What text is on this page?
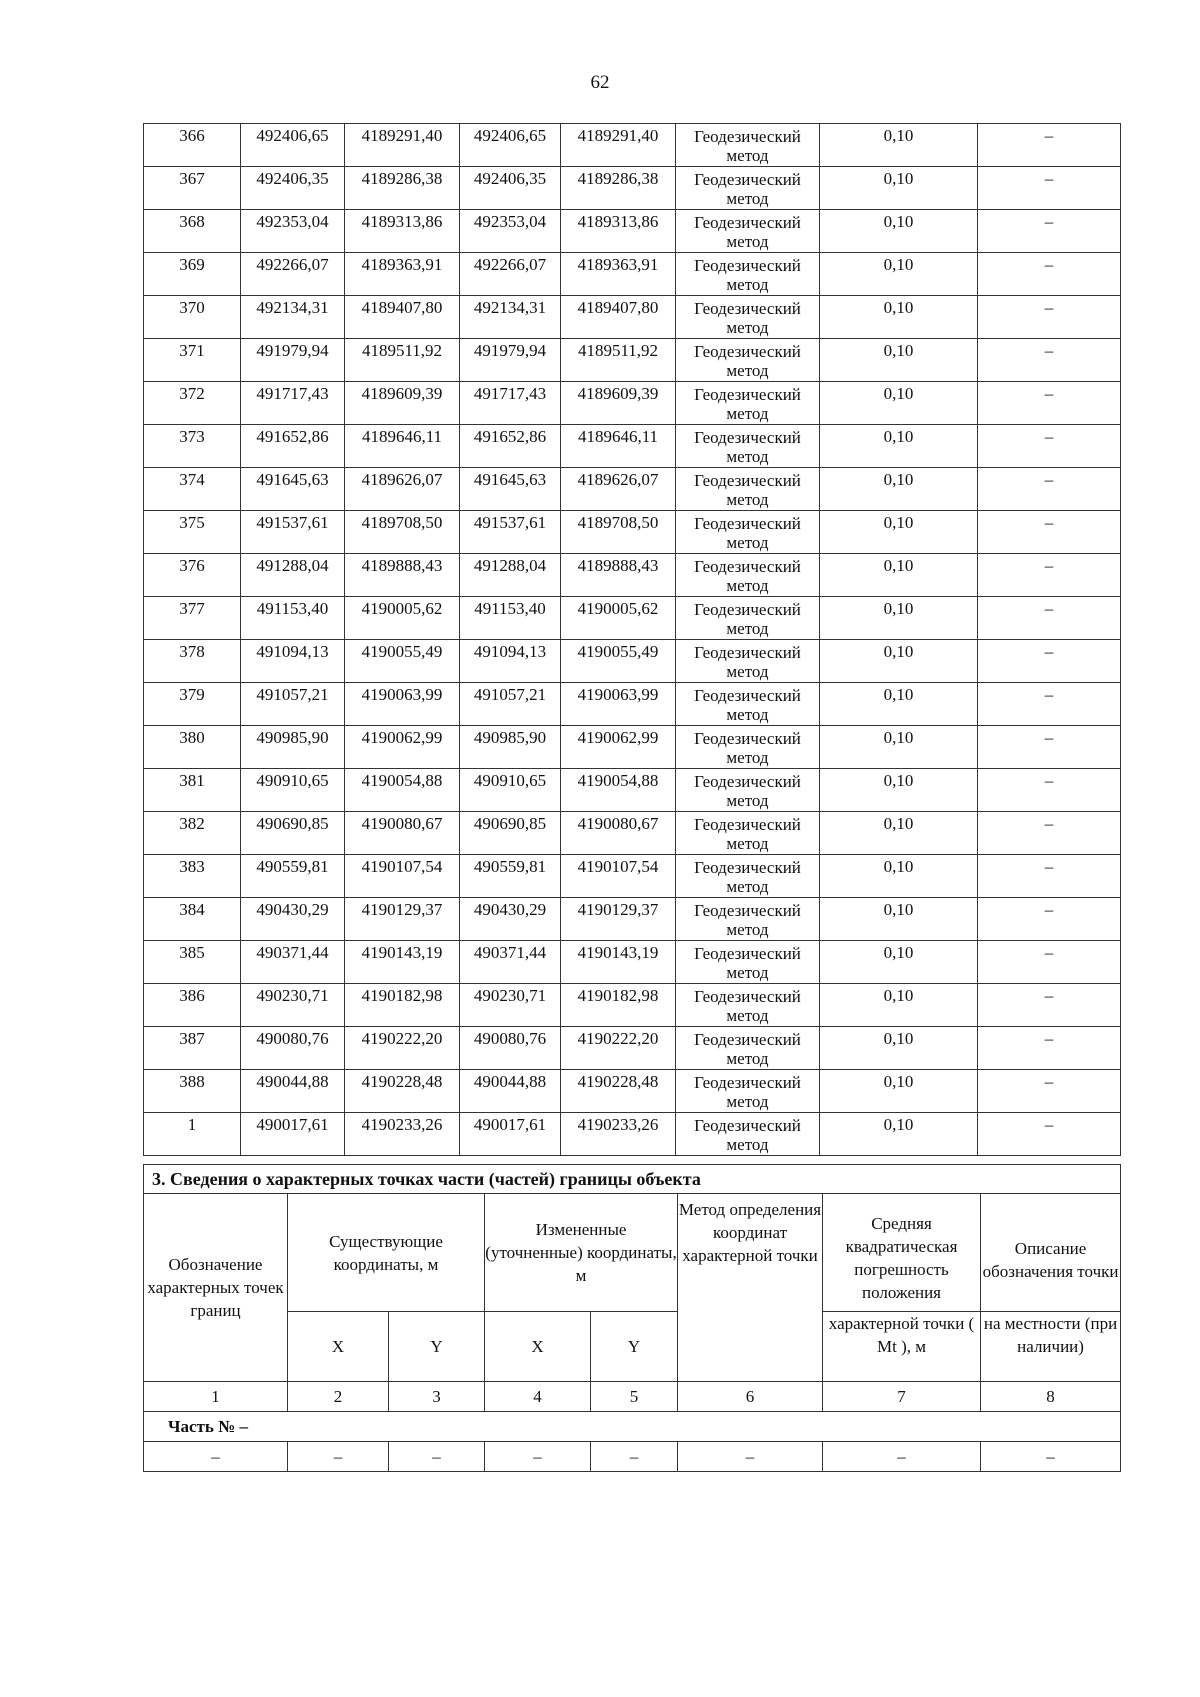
62
366	492406,65	4189291,40	492406,65	4189291,40	Геодезический метод	0,10	–
367	492406,35	4189286,38	492406,35	4189286,38	Геодезический метод	0,10	–
368	492353,04	4189313,86	492353,04	4189313,86	Геодезический метод	0,10	–
369	492266,07	4189363,91	492266,07	4189363,91	Геодезический метод	0,10	–
370	492134,31	4189407,80	492134,31	4189407,80	Геодезический метод	0,10	–
371	491979,94	4189511,92	491979,94	4189511,92	Геодезический метод	0,10	–
372	491717,43	4189609,39	491717,43	4189609,39	Геодезический метод	0,10	–
373	491652,86	4189646,11	491652,86	4189646,11	Геодезический метод	0,10	–
374	491645,63	4189626,07	491645,63	4189626,07	Геодезический метод	0,10	–
375	491537,61	4189708,50	491537,61	4189708,50	Геодезический метод	0,10	–
376	491288,04	4189888,43	491288,04	4189888,43	Геодезический метод	0,10	–
377	491153,40	4190005,62	491153,40	4190005,62	Геодезический метод	0,10	–
378	491094,13	4190055,49	491094,13	4190055,49	Геодезический метод	0,10	–
379	491057,21	4190063,99	491057,21	4190063,99	Геодезический метод	0,10	–
380	490985,90	4190062,99	490985,90	4190062,99	Геодезический метод	0,10	–
381	490910,65	4190054,88	490910,65	4190054,88	Геодезический метод	0,10	–
382	490690,85	4190080,67	490690,85	4190080,67	Геодезический метод	0,10	–
383	490559,81	4190107,54	490559,81	4190107,54	Геодезический метод	0,10	–
384	490430,29	4190129,37	490430,29	4190129,37	Геодезический метод	0,10	–
385	490371,44	4190143,19	490371,44	4190143,19	Геодезический метод	0,10	–
386	490230,71	4190182,98	490230,71	4190182,98	Геодезический метод	0,10	–
387	490080,76	4190222,20	490080,76	4190222,20	Геодезический метод	0,10	–
388	490044,88	4190228,48	490044,88	4190228,48	Геодезический метод	0,10	–
1	490017,61	4190233,26	490017,61	4190233,26	Геодезический метод	0,10	–
3. Сведения о характерных точках части (частей) границы объекта							
Обозначение характерных точек границ	Существующие координаты, м		Измененные (уточненные) координаты, м		Метод определения координат характерной точки	Средняя квадратическая погрешность положения	Описание обозначения точки
	X	Y	X	Y		характерной точки ( Mt ), м	на местности (при наличии)
1	2	3	4	5	6	7	8
Часть № –							
–	–	–	–	–	–	–	–
